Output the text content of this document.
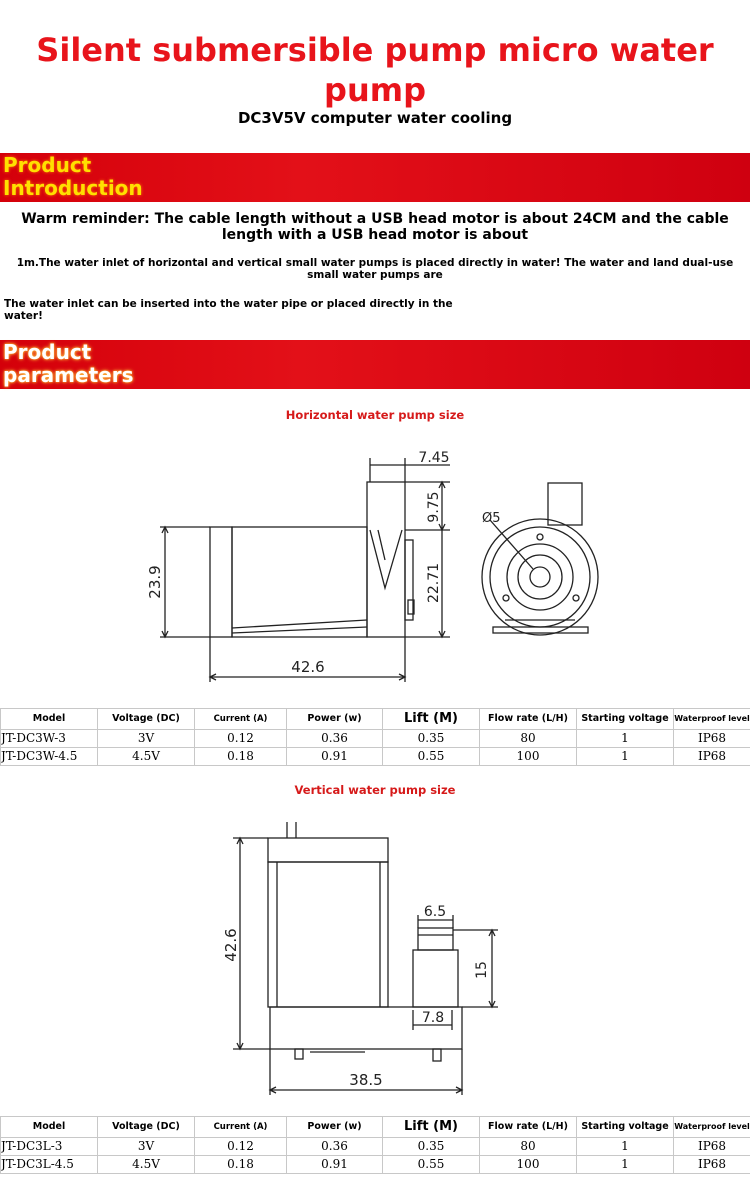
Silent submersible pump micro water pump
DC3V5V computer water cooling
Product
Introduction
Warm reminder: The cable length without a USB head motor is about 24CM and the cable length with a USB head motor is about
1m.The water inlet of horizontal and vertical small water pumps is placed directly in water! The water and land dual-use small water pumps are
The water inlet can be inserted into the water pipe or placed directly in the water!
Product
parameters
Horizontal water pump size
23.9
42.6
7.45
9.75
22.71
Ø5
Model	Voltage (DC)	Current (A)	Power (w)	Lift (M)	Flow rate (L/H)	Starting voltage	Waterproof level
JT-DC3W-3	3V	0.12	0.36	0.35	80	1	IP68
JT-DC3W-4.5	4.5V	0.18	0.91	0.55	100	1	IP68
Vertical water pump size
42.6
6.5
15
7.8
38.5
Model	Voltage (DC)	Current (A)	Power (w)	Lift (M)	Flow rate (L/H)	Starting voltage	Waterproof level
JT-DC3L-3	3V	0.12	0.36	0.35	80	1	IP68
JT-DC3L-4.5	4.5V	0.18	0.91	0.55	100	1	IP68
